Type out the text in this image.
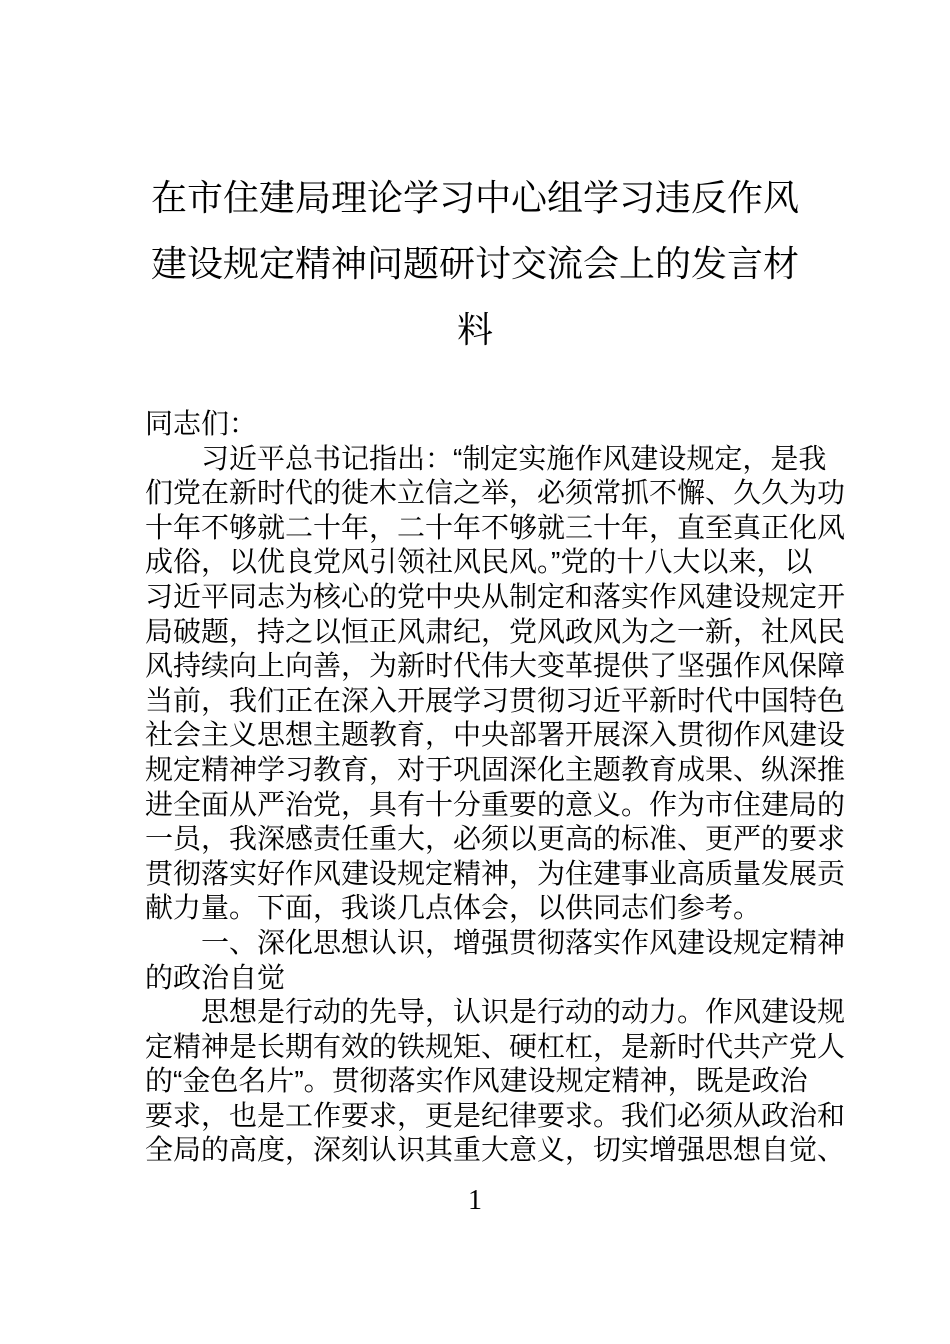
在市住建局理论学习中心组学习违反作风
建设规定精神问题研讨交流会上的发言材
料
同志们：
　　习近平总书记指出：“制定实施作风建设规定，是我
们党在新时代的徙木立信之举，必须常抓不懈、久久为功
十年不够就二十年，二十年不够就三十年，直至真正化风
成俗，以优良党风引领社风民风。”党的十八大以来，以
习近平同志为核心的党中央从制定和落实作风建设规定开
局破题，持之以恒正风肃纪，党风政风为之一新，社风民
风持续向上向善，为新时代伟大变革提供了坚强作风保障
当前，我们正在深入开展学习贯彻习近平新时代中国特色
社会主义思想主题教育，中央部署开展深入贯彻作风建设
规定精神学习教育，对于巩固深化主题教育成果、纵深推
进全面从严治党，具有十分重要的意义。作为市住建局的
一员，我深感责任重大，必须以更高的标准、更严的要求
贯彻落实好作风建设规定精神，为住建事业高质量发展贡
献力量。下面，我谈几点体会，以供同志们参考。
　　一、深化思想认识，增强贯彻落实作风建设规定精神
的政治自觉
　　思想是行动的先导，认识是行动的动力。作风建设规
定精神是长期有效的铁规矩、硬杠杠，是新时代共产党人
的“金色名片”。贯彻落实作风建设规定精神，既是政治
要求，也是工作要求，更是纪律要求。我们必须从政治和
全局的高度，深刻认识其重大意义，切实增强思想自觉、
1
